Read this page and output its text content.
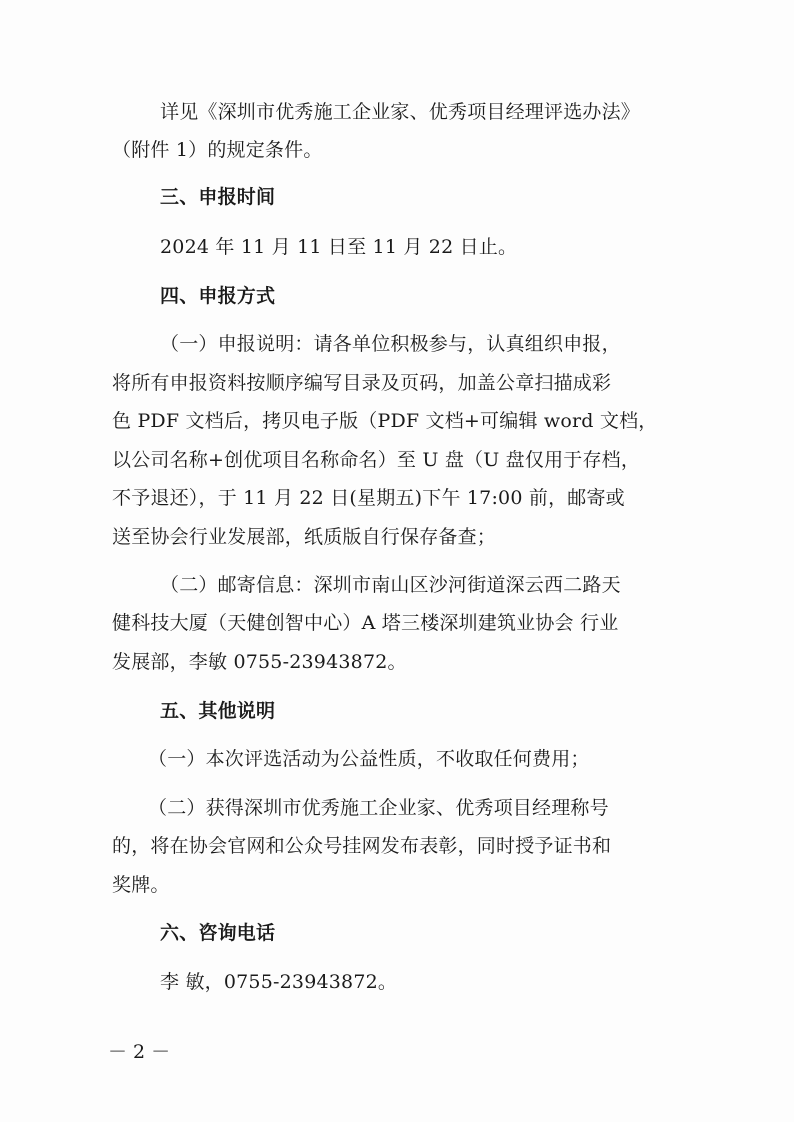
详见《深圳市优秀施工企业家、优秀项目经理评选办法》
（附件 1）的规定条件。
三、申报时间
2024 年 11 月 11 日至 11 月 22 日止。
四、申报方式
（一）申报说明：请各单位积极参与，认真组织申报，
将所有申报资料按顺序编写目录及页码，加盖公章扫描成彩
色 PDF 文档后，拷贝电子版（PDF 文档+可编辑 word 文档，
以公司名称+创优项目名称命名）至 U 盘（U 盘仅用于存档，
不予退还），于 11 月 22 日(星期五)下午 17:00 前，邮寄或
送至协会行业发展部，纸质版自行保存备查；
（二）邮寄信息：深圳市南山区沙河街道深云西二路天
健科技大厦（天健创智中心）A 塔三楼深圳建筑业协会 行业
发展部，李敏 0755-23943872。
五、其他说明
（一）本次评选活动为公益性质，不收取任何费用；
（二）获得深圳市优秀施工企业家、优秀项目经理称号
的，将在协会官网和公众号挂网发布表彰，同时授予证书和
奖牌。
六、咨询电话
李 敏，0755-23943872。
－ 2 －
